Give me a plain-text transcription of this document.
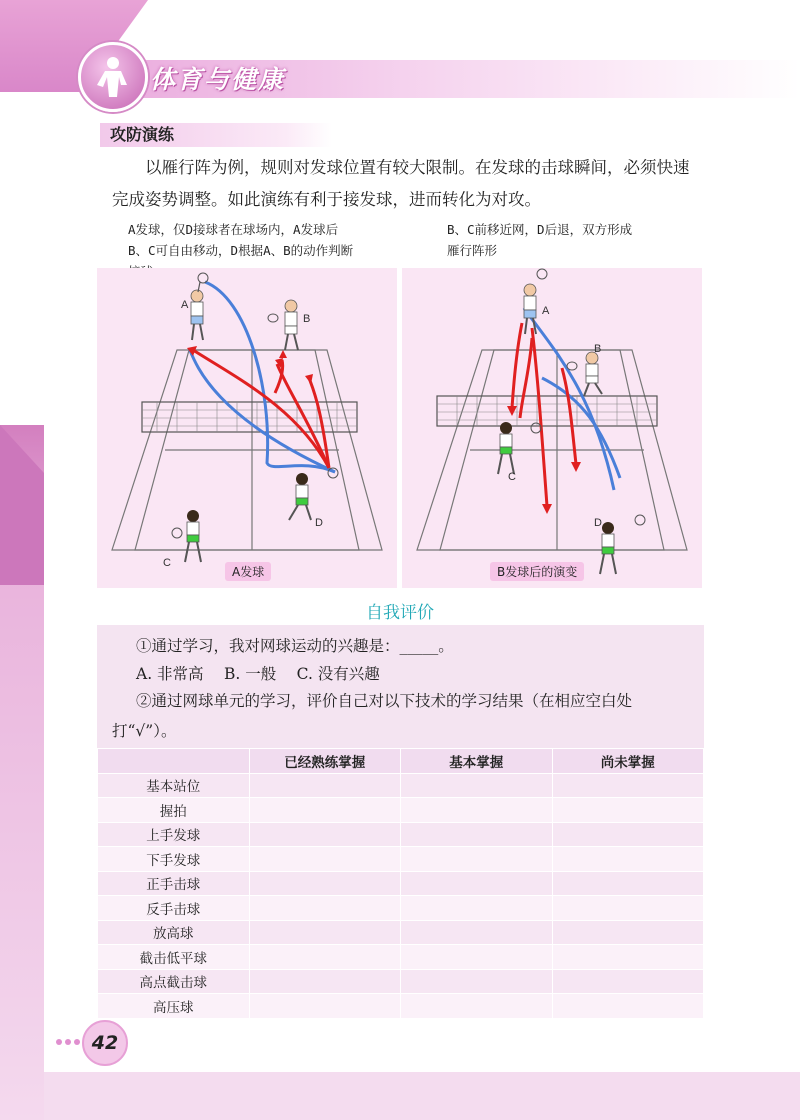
体育与健康
攻防演练
以雁行阵为例，规则对发球位置有较大限制。在发球的击球瞬间，必须快速完成姿势调整。如此演练有利于接发球，进而转化为对攻。
A发球，仅D接球者在球场内，A发球后
B、C可自由移动，D根据A、B的动作判断
B、C前移近网，D后退，双方形成
雁行阵形
A
B
C
D
A发球
A
B
C
D
B发球后的演变
自我评价
①通过学习，我对网球运动的兴趣是：_____。
A. 非常高　 B. 一般　 C. 没有兴趣
②通过网球单元的学习，评价自己对以下技术的学习结果（在相应空白处打“√”）。
	已经熟练掌握	基本掌握	尚未掌握
基本站位			
握拍			
上手发球			
下手发球			
正手击球			
反手击球			
放高球			
截击低平球			
高点截击球			
高压球			
42
